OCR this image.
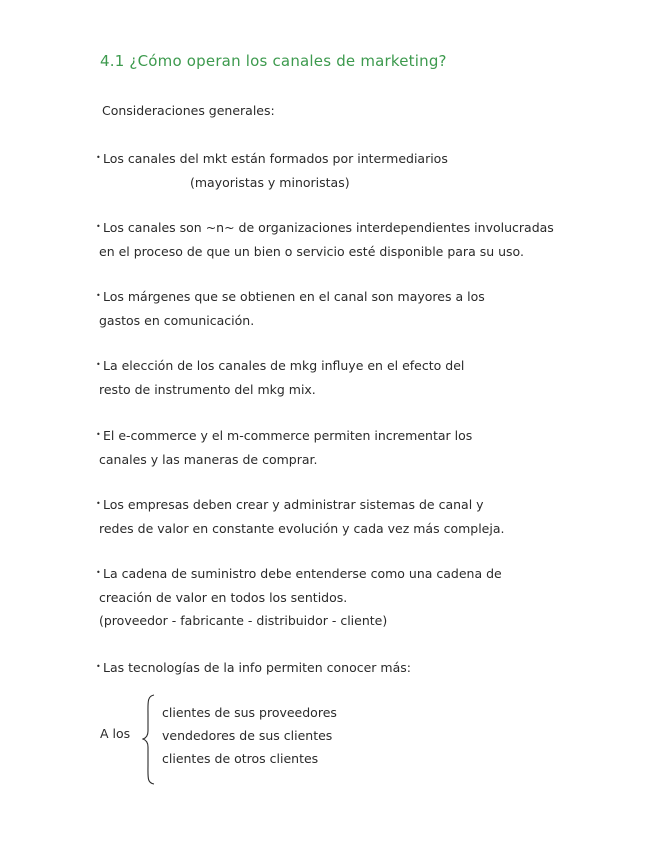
4.1 ¿Cómo operan los canales de marketing?
Consideraciones generales:
• Los canales del mkt están formados por intermediarios
(mayoristas y minoristas)
• Los canales son ~n~ de organizaciones interdependientes involucradas
en el proceso de que un bien o servicio esté disponible para su uso.
• Los márgenes que se obtienen en el canal son mayores a los
gastos en comunicación.
• La elección de los canales de mkg influye en el efecto del
resto de instrumento del mkg mix.
• El e-commerce y el m-commerce permiten incrementar los
canales y las maneras de comprar.
• Los empresas deben crear y administrar sistemas de canal y
redes de valor en constante evolución y cada vez más compleja.
• La cadena de suministro debe entenderse como una cadena de
creación de valor en todos los sentidos.
(proveedor - fabricante - distribuidor - cliente)
• Las tecnologías de la info permiten conocer más:
A los
clientes de sus proveedores
vendedores de sus clientes
clientes de otros clientes
